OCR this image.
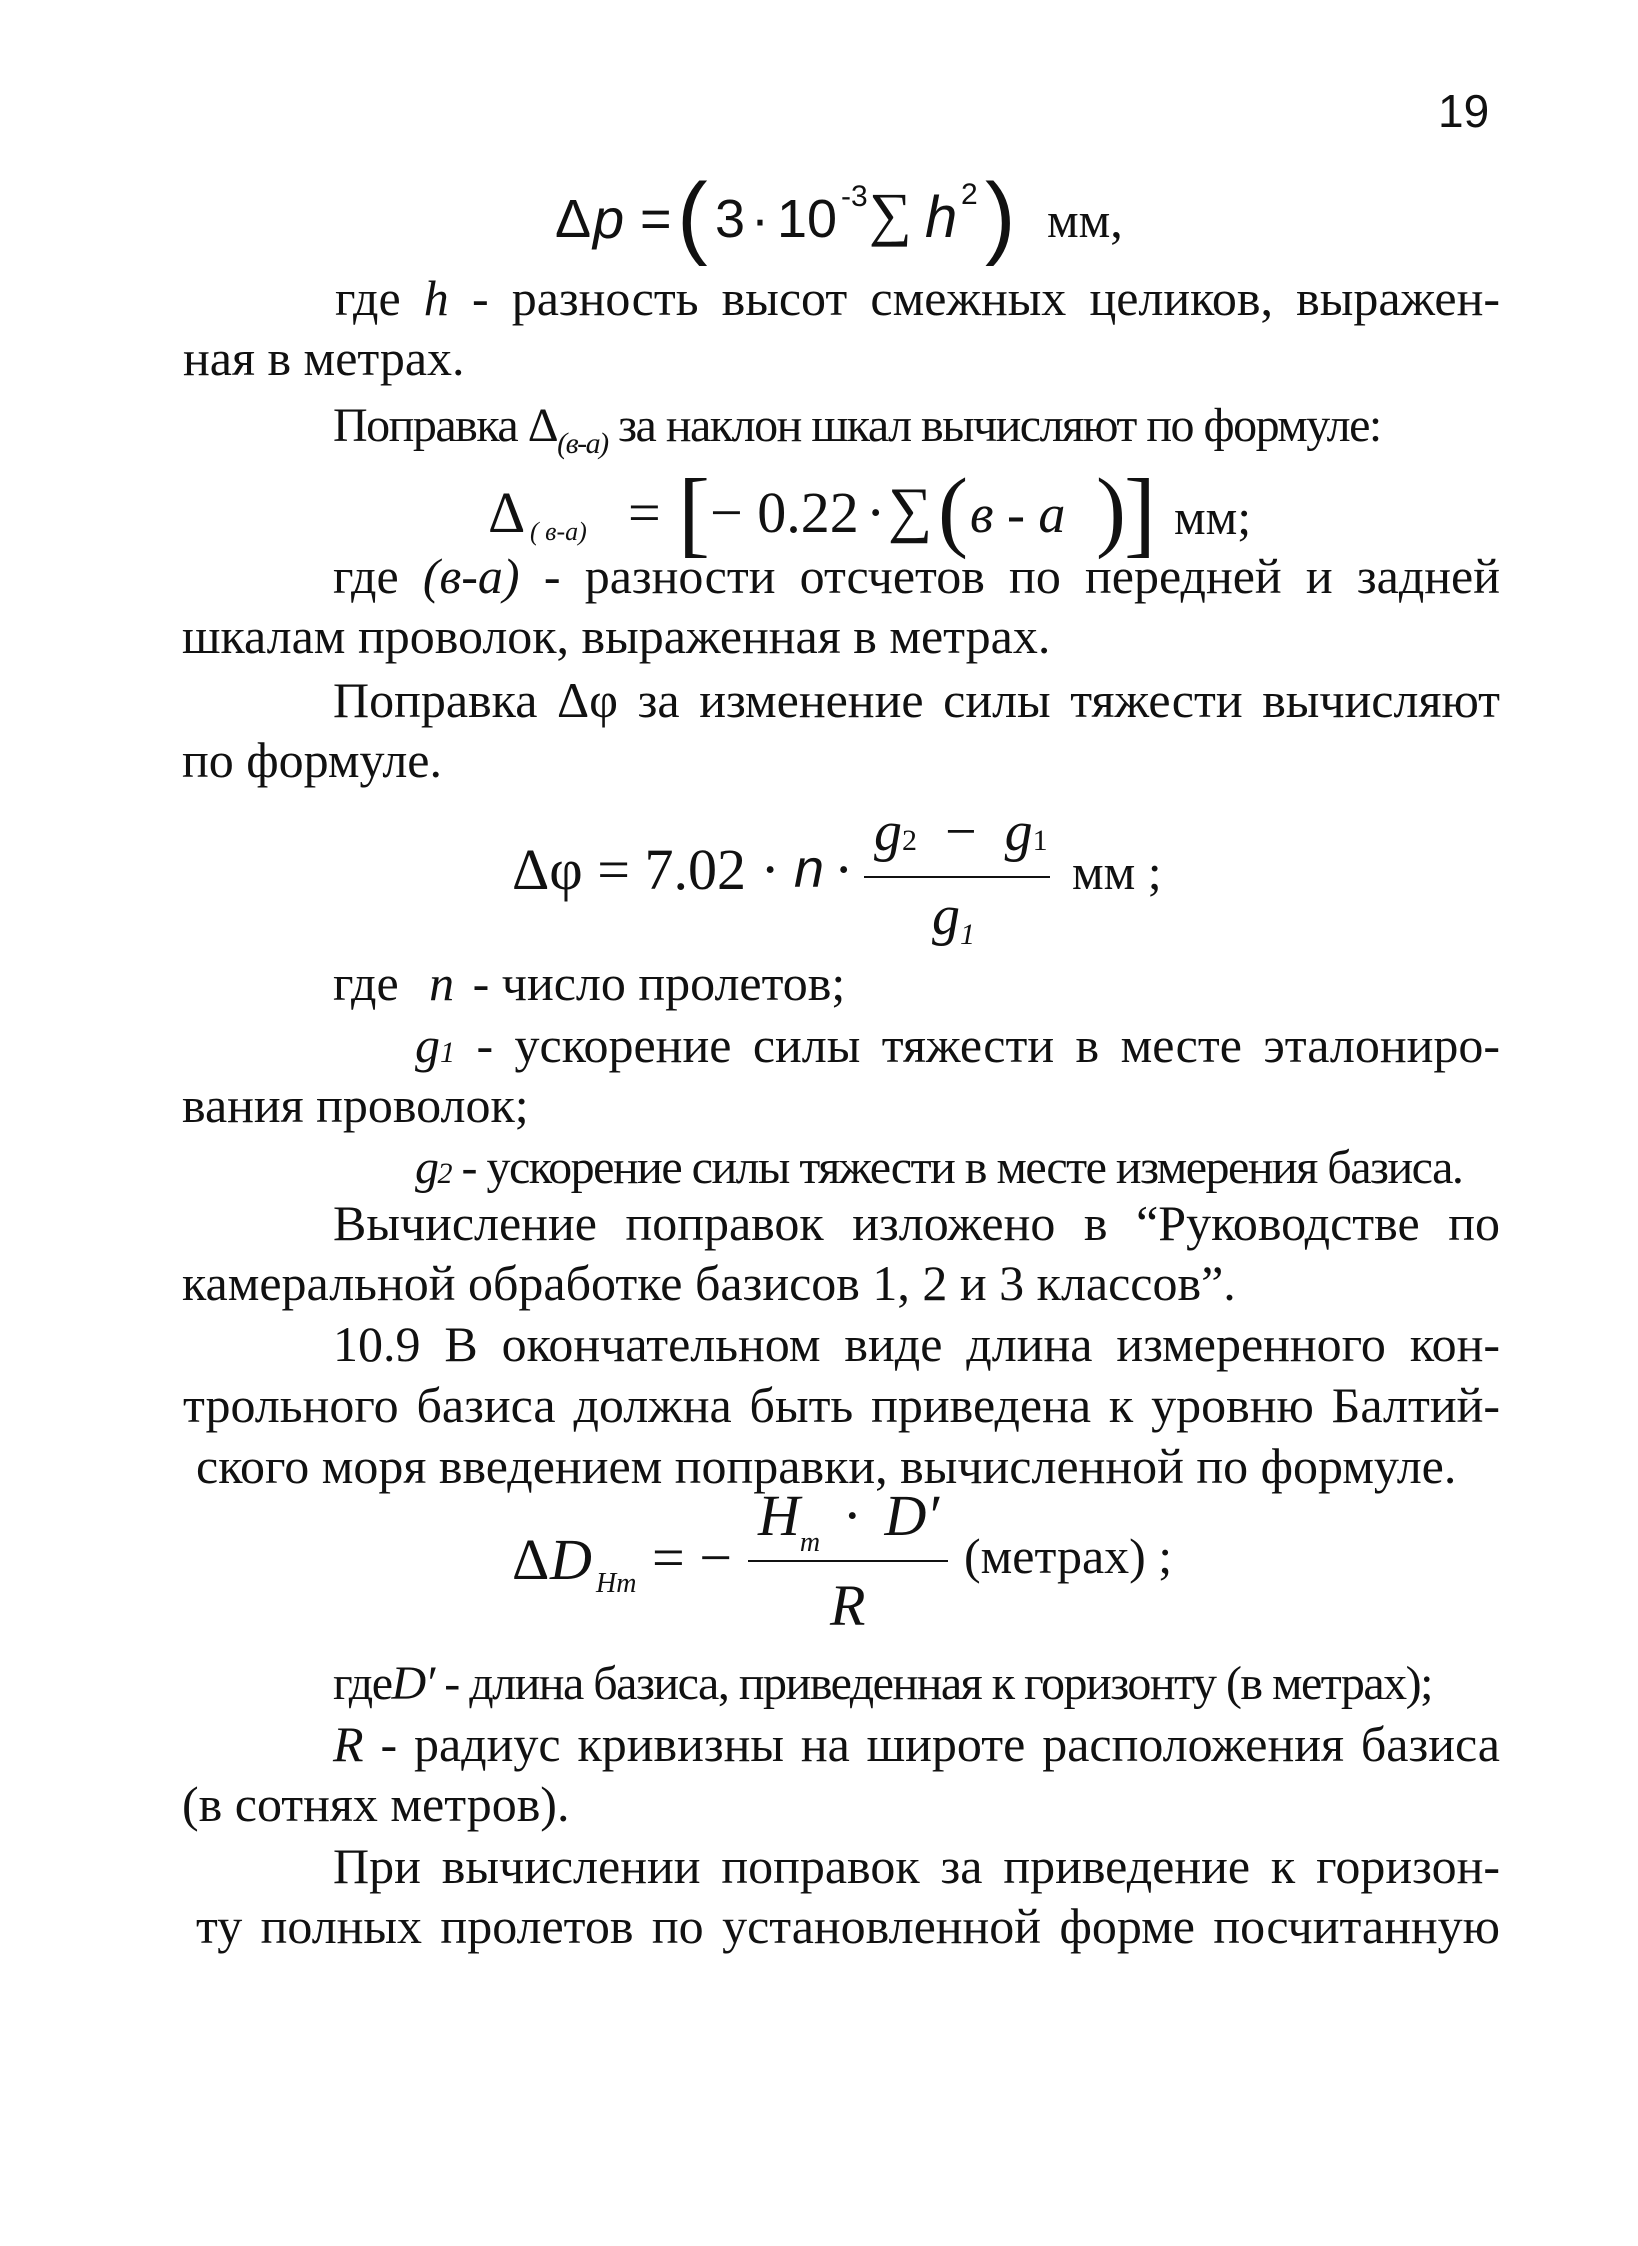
19
Δ p = ( 3 · 10 -3 ∑ h 2 ) мм,
где h - разность высот смежных целиков, выражен-
ная в метрах.
Поправка $\Delta_{(в-а)}$ за наклон шкал вычисляют по формуле:
Δ ( в-а) = [ − 0.22 · ∑ ( в - а )
] мм;
где (в-а) - разности отсчетов по передней и задней
шкалам проволок, выраженная в метрах.
Поправка Δφ за изменение силы тяжести вычисляют
по формуле.
Δφ = 7.02 · n ·
g2 − g1
g1
мм ;
где n - число пролетов;
g1 - ускорение силы тяжести в месте эталониро-
вания проволок;
g2 - ускорение силы тяжести в месте измерения базиса.
Вычисление поправок изложено в “Руководстве по
камеральной обработке базисов 1, 2 и 3 классов”.
10.9 В окончательном виде длина измеренного кон-
трольного базиса должна быть приведена к уровню Балтий-
ского моря введением поправки, вычисленной по формуле.
Δ D Hm = −
$H_m \cdot D'$
R
(метрах) ;
гдеD′ - длина базиса, приведенная к горизонту (в метрах);
R - радиус кривизны на широте расположения базиса
(в сотнях метров).
При вычислении поправок за приведение к горизон-
ту полных пролетов по установленной форме посчитанную
